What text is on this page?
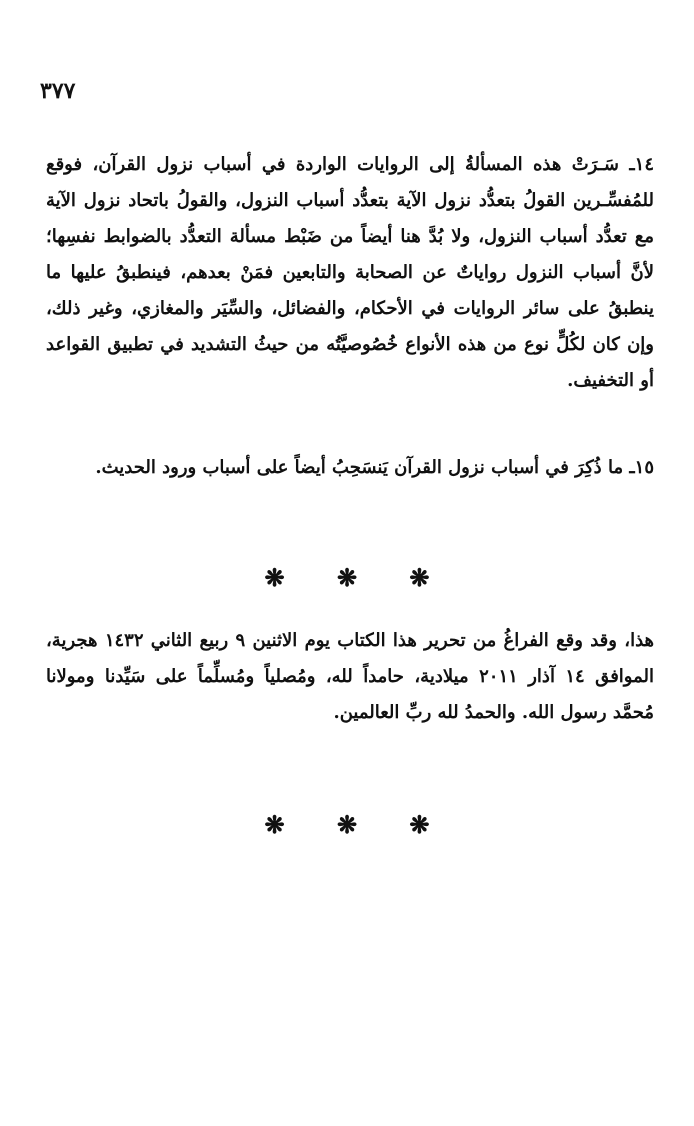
٣٧٧
١٤ـ سَـرَتْ هذه المسألةُ إلى الروايات الواردة في أسباب نزول القرآن، فوقع للمُفسِّـرين القولُ بتعدُّد نزول الآية بتعدُّد أسباب النزول، والقولُ باتحاد نزول الآية مع تعدُّد أسباب النزول، ولا بُدَّ هنا أيضاً من ضَبْط مسألة التعدُّد بالضوابط نفسِها؛ لأنَّ أسباب النزول رواياتٌ عن الصحابة والتابعين فمَنْ بعدهم، فينطبقُ عليها ما ينطبقُ على سائر الروايات في الأحكام، والفضائل، والسِّيَر والمغازي، وغير ذلك، وإن كان لكُلٍّ نوع من هذه الأنواع خُصُوصيَّتُه من حيثُ التشديد في تطبيق القواعد أو التخفيف.
١٥ـ ما ذُكِرَ في أسباب نزول القرآن يَنسَحِبُ أيضاً على أسباب ورود الحديث.
❋ ❋ ❋
هذا، وقد وقع الفراغُ من تحرير هذا الكتاب يوم الاثنين ٩ ربيع الثاني ١٤٣٢ هجرية، الموافق ١٤ آذار ٢٠١١ ميلادية، حامداً لله، ومُصلياً ومُسلِّماً على سَيِّدنا ومولانا مُحمَّد رسول الله. والحمدُ لله ربِّ العالمين.
❋ ❋ ❋
